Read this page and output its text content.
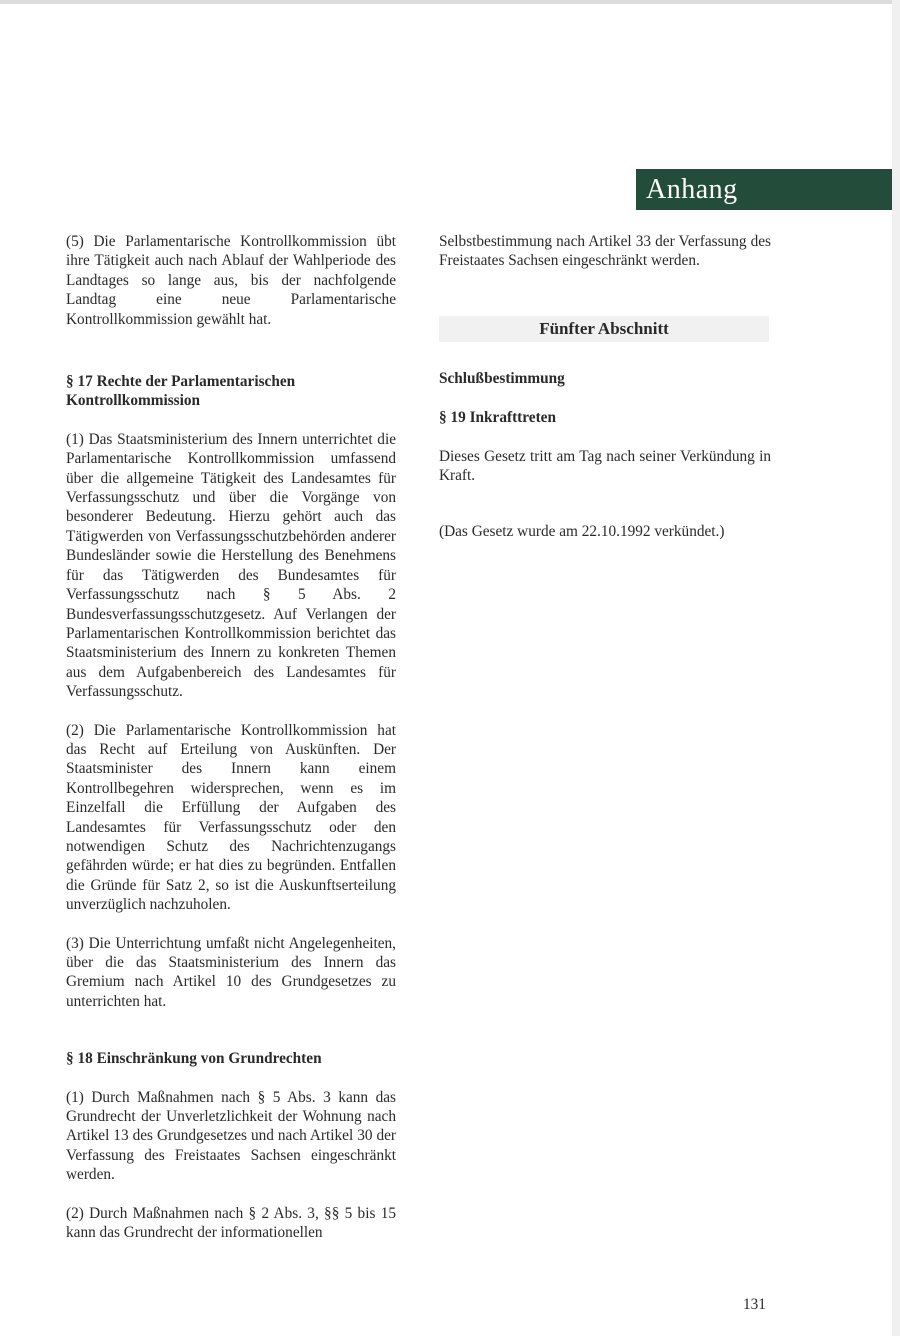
Anhang

(5) Die Parlamentarische Kontrollkommission übt ihre Tätigkeit auch nach Ablauf der Wahlperiode des Landtages so lange aus, bis der nachfolgende Landtag eine neue Parlamentarische Kontrollkommission gewählt hat.

§ 17 Rechte der Parlamentarischen Kontrollkommission

(1) Das Staatsministerium des Innern unterrichtet die Parlamentarische Kontrollkommission umfassend über die allgemeine Tätigkeit des Landesamtes für Verfassungsschutz und über die Vorgänge von besonderer Bedeutung. Hierzu gehört auch das Tätigwerden von Verfassungsschutzbehörden anderer Bundesländer sowie die Herstellung des Benehmens für das Tätigwerden des Bundesamtes für Verfassungsschutz nach § 5 Abs. 2 Bundesverfassungsschutzgesetz. Auf Verlangen der Parlamentarischen Kontrollkommission berichtet das Staatsministerium des Innern zu konkreten Themen aus dem Aufgabenbereich des Landesamtes für Verfassungsschutz.

(2) Die Parlamentarische Kontrollkommission hat das Recht auf Erteilung von Auskünften. Der Staatsminister des Innern kann einem Kontrollbegehren widersprechen, wenn es im Einzelfall die Erfüllung der Aufgaben des Landesamtes für Verfassungsschutz oder den notwendigen Schutz des Nachrichtenzugangs gefährden würde; er hat dies zu begründen. Entfallen die Gründe für Satz 2, so ist die Auskunftserteilung unverzüglich nachzuholen.

(3) Die Unterrichtung umfaßt nicht Angelegenheiten, über die das Staatsministerium des Innern das Gremium nach Artikel 10 des Grundgesetzes zu unterrichten hat.

§ 18 Einschränkung von Grundrechten

(1) Durch Maßnahmen nach § 5 Abs. 3 kann das Grundrecht der Unverletzlichkeit der Wohnung nach Artikel 13 des Grundgesetzes und nach Artikel 30 der Verfassung des Freistaates Sachsen eingeschränkt werden.

(2) Durch Maßnahmen nach § 2 Abs. 3, §§ 5 bis 15 kann das Grundrecht der informationellen

Selbstbestimmung nach Artikel 33 der Verfassung des Freistaates Sachsen eingeschränkt werden.

Fünfter Abschnitt
Schlußbestimmung
§ 19 Inkrafttreten

Dieses Gesetz tritt am Tag nach seiner Verkündung in Kraft.

(Das Gesetz wurde am 22.10.1992 verkündet.)

131
